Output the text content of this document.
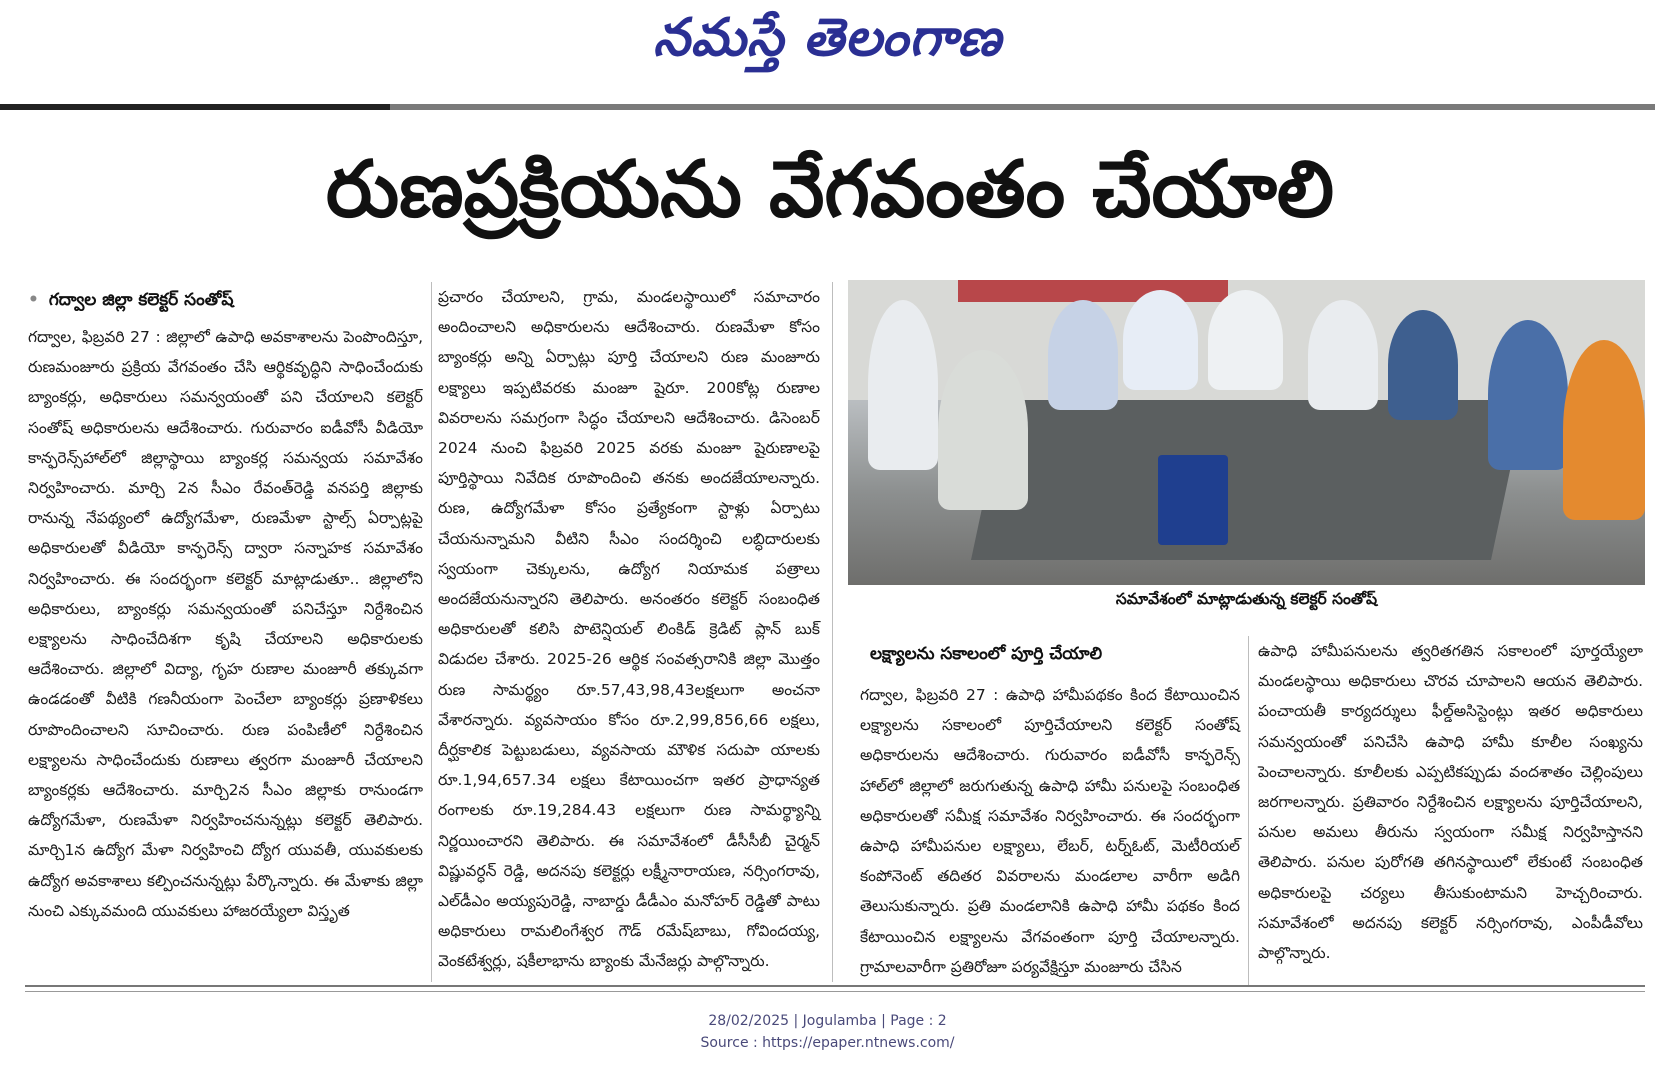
నమస్తే తెలంగాణ
రుణప్రక్రియను వేగవంతం చేయాలి
• గద్వాల జిల్లా కలెక్టర్ సంతోష్
గద్వాల, ఫిబ్రవరి 27 : జిల్లాలో ఉపాధి అవకాశాలను పెంపొందిస్తూ, రుణమంజూరు ప్రక్రియ వేగవంతం చేసి ఆర్థికవృద్ధిని సాధించేందుకు బ్యాంకర్లు, అధికారులు సమన్వయంతో పని చేయాలని కలెక్టర్ సంతోష్ అధికారులను ఆదేశించారు. గురువారం ఐడీవోసీ వీడియో కాన్ఫరెన్స్‌హాల్‌లో జిల్లాస్థాయి బ్యాంకర్ల సమన్వయ సమావేశం నిర్వహించారు. మార్చి 2న సీఎం రేవంత్‌రెడ్డి వనపర్తి జిల్లాకు రానున్న నేపథ్యంలో ఉద్యోగమేళా, రుణమేళా స్టాల్స్ ఏర్పాట్లపై అధికారులతో వీడియో కాన్ఫరెన్స్ ద్వారా సన్నాహక సమావేశం నిర్వహించారు. ఈ సందర్భంగా కలెక్టర్ మాట్లాడుతూ.. జిల్లాలోని అధికారులు, బ్యాంకర్లు సమన్వయంతో పనిచేస్తూ నిర్దేశించిన లక్ష్యాలను సాధించేదిశగా కృషి చేయాలని అధికారులకు ఆదేశించారు. జిల్లాలో విద్యా, గృహ రుణాల మంజూరీ తక్కువగా ఉండడంతో వీటికి గణనీయంగా పెంచేలా బ్యాంకర్లు ప్రణాళికలు రూపొందించాలని సూచించారు. రుణ పంపిణీలో నిర్దేశించిన లక్ష్యాలను సాధించేందుకు రుణాలు త్వరగా మంజూరీ చేయాలని బ్యాంకర్లకు ఆదేశించారు. మార్చి2న సీఎం జిల్లాకు రానుండగా ఉద్యోగమేళా, రుణమేళా నిర్వహించనున్నట్లు కలెక్టర్ తెలిపారు. మార్చి1న ఉద్యోగ మేళా నిర్వహించి ద్యోగ యువతీ, యువకులకు ఉద్యోగ అవకాశాలు కల్పించనున్నట్లు పేర్కొన్నారు. ఈ మేళాకు జిల్లా నుంచి ఎక్కువమంది యువకులు హాజరయ్యేలా విస్తృత
ప్రచారం చేయాలని, గ్రామ, మండలస్థాయిలో సమాచారం అందించాలని అధికారులను ఆదేశించారు. రుణమేళా కోసం బ్యాంకర్లు అన్ని ఏర్పాట్లు పూర్తి చేయాలని రుణ మంజూరు లక్ష్యాలు ఇప్పటివరకు మంజూ షైరూ. 200కోట్ల రుణాల వివరాలను సమగ్రంగా సిద్ధం చేయాలని ఆదేశించారు. డిసెంబర్ 2024 నుంచి ఫిబ్రవరి 2025 వరకు మంజూ షైరుణాలపై పూర్తిస్థాయి నివేదిక రూపొందించి తనకు అందజేయాలన్నారు. రుణ, ఉద్యోగమేళా కోసం ప్రత్యేకంగా స్టాళ్లు ఏర్పాటు చేయనున్నామని వీటిని సీఎం సందర్శించి లబ్ధిదారులకు స్వయంగా చెక్కులను, ఉద్యోగ నియామక పత్రాలు అందజేయనున్నారని తెలిపారు. అనంతరం కలెక్టర్ సంబంధిత అధికారులతో కలిసి పొటెన్షియల్ లింకిడ్ క్రెడిట్ ప్లాన్ బుక్ విడుదల చేశారు. 2025-26 ఆర్థిక సంవత్సరానికి జిల్లా మొత్తం రుణ సామర్థ్యం రూ.57,43,98,43లక్షలుగా అంచనా వేశారన్నారు. వ్యవసాయం కోసం రూ.2,99,856,66 లక్షలు, దీర్ఘకాలిక పెట్టుబడులు, వ్యవసాయ మౌళిక సదుపా యాలకు రూ.1,94,657.34 లక్షలు కేటాయించగా ఇతర ప్రాధాన్యత రంగాలకు రూ.19,284.43 లక్షలుగా రుణ సామర్థ్యాన్ని నిర్ణయించారని తెలిపారు. ఈ సమావేశంలో డీసీసీబీ చైర్మన్ విష్ణువర్ధన్ రెడ్డి, అదనపు కలెక్టర్లు లక్ష్మీనారాయణ, నర్సింగరావు, ఎల్‌డీఎం అయ్యపురెడ్డి, నాబార్డు డీడీఎం మనోహర్ రెడ్డితో పాటు అధికారులు రామలింగేశ్వర గౌడ్ రమేష్‌బాబు, గోవిందయ్య, వెంకటేశ్వర్లు, షకీలాభాను బ్యాంకు మేనేజర్లు పాల్గొన్నారు.
సమావేశంలో మాట్లాడుతున్న కలెక్టర్ సంతోష్
లక్ష్యాలను సకాలంలో పూర్తి చేయాలి
గద్వాల, ఫిబ్రవరి 27 : ఉపాధి హామీపథకం కింద కేటాయించిన లక్ష్యాలను సకాలంలో పూర్తిచేయాలని కలెక్టర్ సంతోష్ అధికారులను ఆదేశించారు. గురువారం ఐడీవోసీ కాన్ఫరెన్స్ హాల్‌లో జిల్లాలో జరుగుతున్న ఉపాధి హామీ పనులపై సంబంధిత అధికారులతో సమీక్ష సమావేశం నిర్వహించారు. ఈ సందర్భంగా ఉపాధి హామీపనుల లక్ష్యాలు, లేబర్, టర్న్‌ఓట్, మెటీరియల్ కంపోనెంట్ తదితర వివరాలను మండలాల వారీగా అడిగి తెలుసుకున్నారు. ప్రతి మండలానికి ఉపాధి హామీ పథకం కింద కేటాయించిన లక్ష్యాలను వేగవంతంగా పూర్తి చేయాలన్నారు. గ్రామాలవారీగా ప్రతిరోజూ పర్యవేక్షిస్తూ మంజూరు చేసిన
ఉపాధి హామీపనులను త్వరితగతిన సకాలంలో పూర్తయ్యేలా మండలస్థాయి అధికారులు చొరవ చూపాలని ఆయన తెలిపారు. పంచాయతీ కార్యదర్శులు ఫీల్డ్‌అసిస్టెంట్లు ఇతర అధికారులు సమన్వయంతో పనిచేసి ఉపాధి హామీ కూలీల సంఖ్యను పెంచాలన్నారు. కూలీలకు ఎప్పటికప్పుడు వందశాతం చెల్లింపులు జరగాలన్నారు. ప్రతివారం నిర్దేశించిన లక్ష్యాలను పూర్తిచేయాలని, పనుల అమలు తీరును స్వయంగా సమీక్ష నిర్వహిస్తానని తెలిపారు. పనుల పురోగతి తగినస్థాయిలో లేకుంటే సంబంధిత అధికారులపై చర్యలు తీసుకుంటామని హెచ్చరించారు. సమావేశంలో అదనపు కలెక్టర్ నర్సింగరావు, ఎంపీడీవోలు పాల్గొన్నారు.
28/02/2025 | Jogulamba | Page : 2
Source : https://epaper.ntnews.com/
